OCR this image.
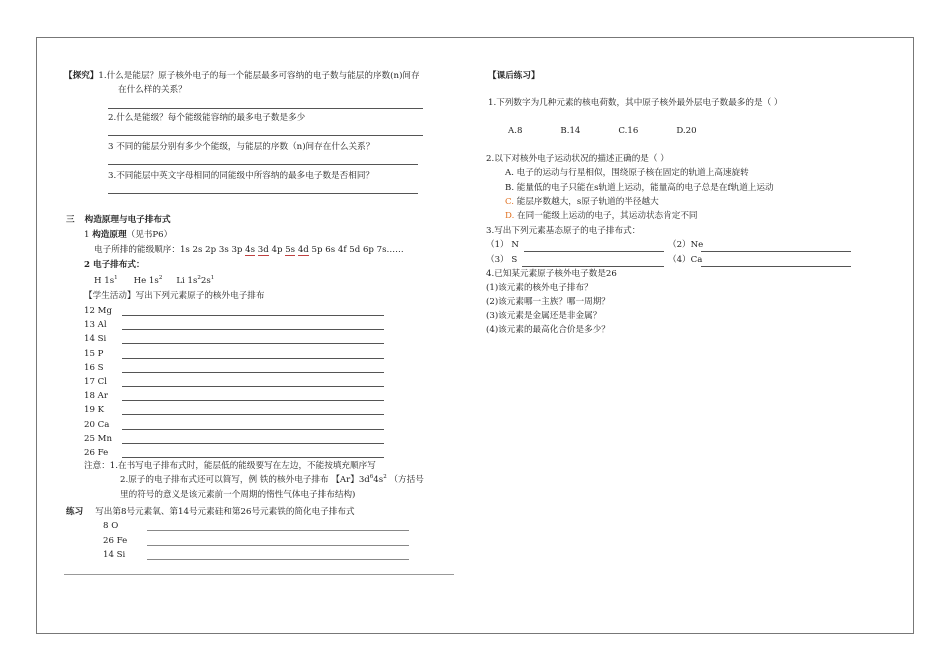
【探究】1.什么是能层？原子核外电子的每一个能层最多可容纳的电子数与能层的序数(n)间存
在什么样的关系？
2.什么是能级？每个能级能容纳的最多电子数是多少
3 不同的能层分别有多少个能级，与能层的序数（n)间存在什么关系？
3.不同能层中英文字母相同的同能级中所容纳的最多电子数是否相同？
三 构造原理与电子排布式
1 构造原理（见书P6）
电子所排的能级顺序：1s 2s 2p 3s 3p 4s 3d 4p 5s 4d 5p 6s 4f 5d 6p 7s……
2 电子排布式：
H $1s^1$ He $1s^2$ Li $1s^22s^1$
【学生活动】写出下列元素原子的核外电子排布
12 Mg
13 Al
14 Si
15 P
16 S
17 Cl
18 Ar
19 K
20 Ca
25 Mn
26 Fe
注意：1.在书写电子排布式时，能层低的能级要写在左边，不能按填充顺序写
2.原子的电子排布式还可以简写，例 铁的核外电子排布 【Ar】$3d^64s^2$ （方括号
里的符号的意义是该元素前一个周期的惰性气体电子排布结构)
练习 写出第8号元素氧、第14号元素硅和第26号元素铁的简化电子排布式
8 O
26 Fe
14 Si
【课后练习】
1.下列数字为几种元素的核电荷数，其中原子核外最外层电子数最多的是（ ）
A.8	B.14	C.16	D.20
2.以下对核外电子运动状况的描述正确的是（ ）
A. 电子的运动与行星相似，围绕原子核在固定的轨道上高速旋转
B. 能量低的电子只能在s轨道上运动，能量高的电子总是在f轨道上运动
C. 能层序数越大，s原子轨道的半径越大
D. 在同一能级上运动的电子，其运动状态肯定不同
3.写出下列元素基态原子的电子排布式：
（1） N	（2）Ne
（3） S	（4）Ca
4.已知某元素原子核外电子数是26
(1)该元素的核外电子排布？
(2)该元素哪一主族？哪一周期？
(3)该元素是金属还是非金属？
(4)该元素的最高化合价是多少？
